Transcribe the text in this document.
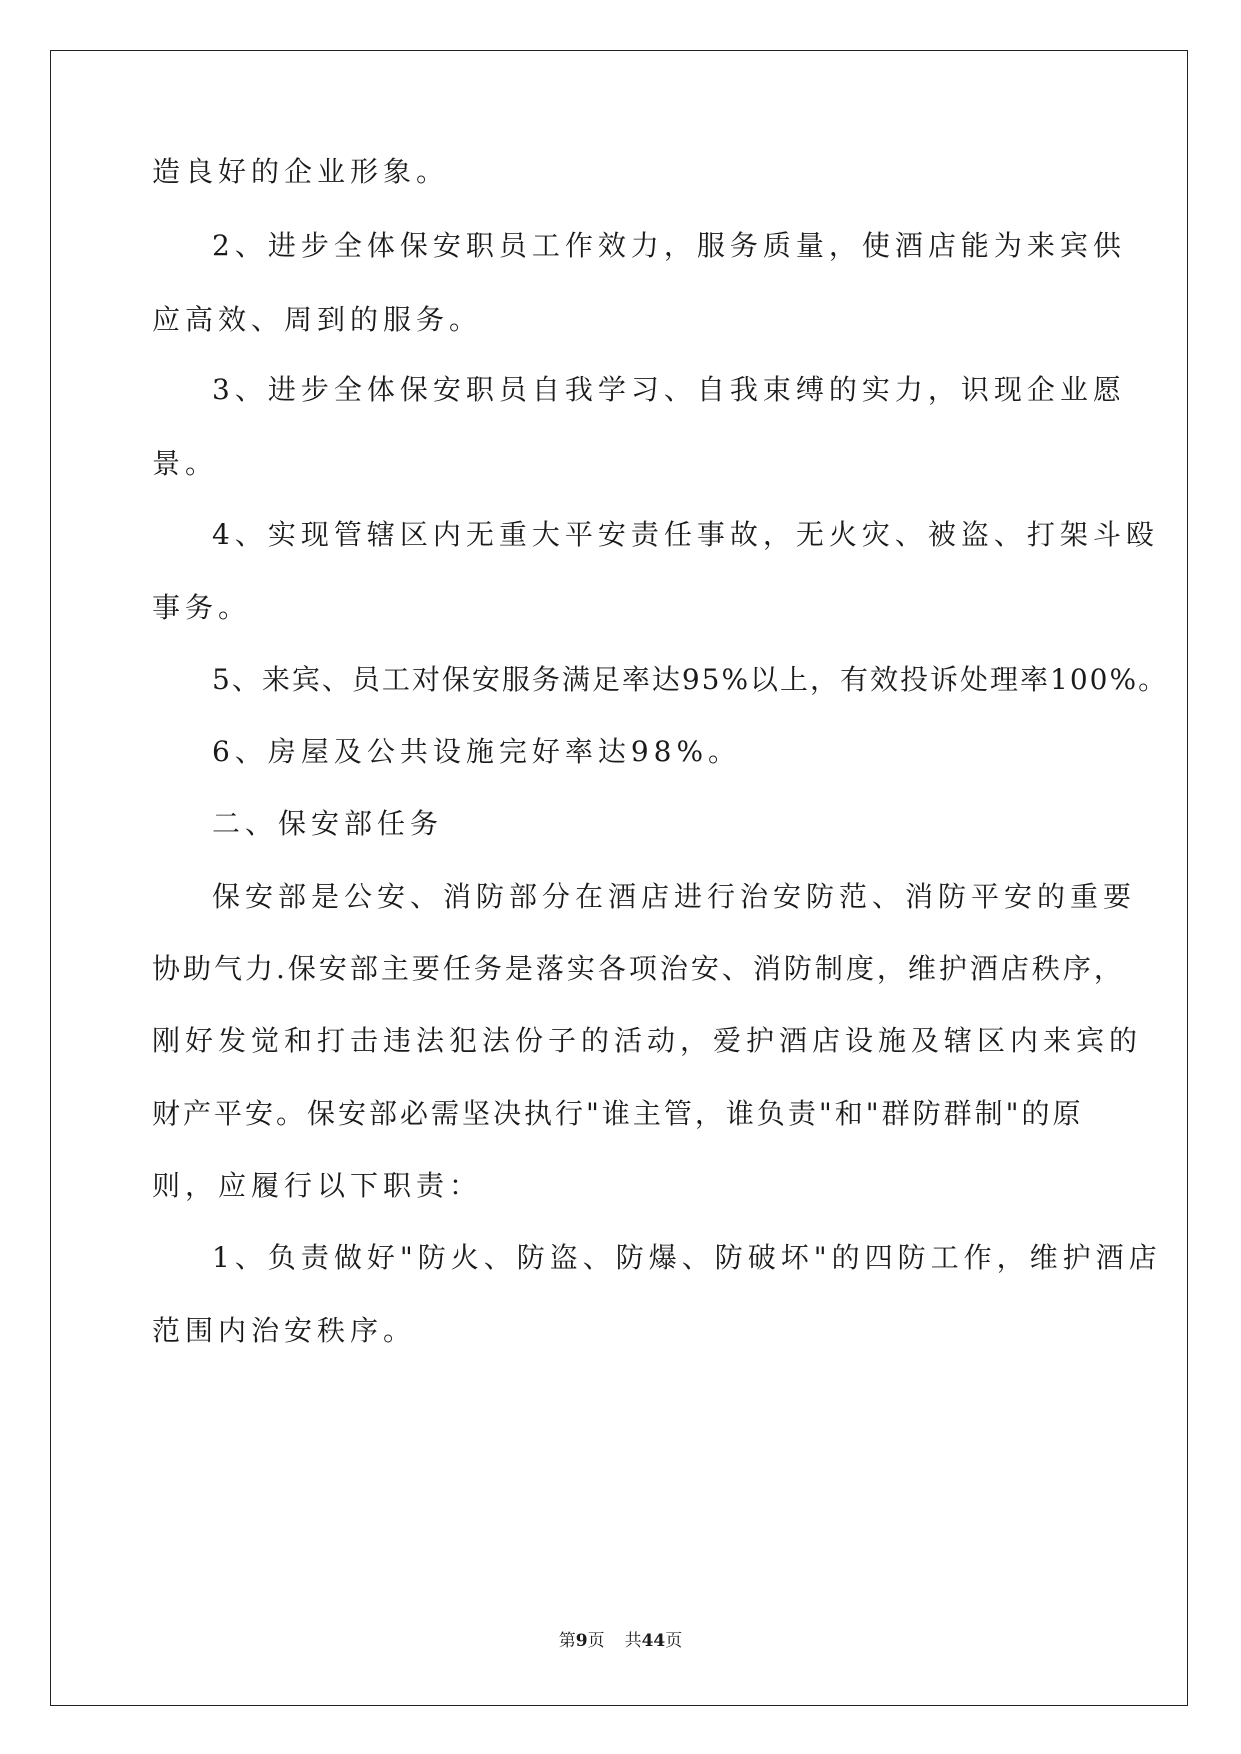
造良好的企业形象。
2、进步全体保安职员工作效力，服务质量，使酒店能为来宾供
应高效、周到的服务。
3、进步全体保安职员自我学习、自我束缚的实力，识现企业愿
景。
4、实现管辖区内无重大平安责任事故，无火灾、被盗、打架斗殴
事务。
5、来宾、员工对保安服务满足率达95%以上，有效投诉处理率100%。
6、房屋及公共设施完好率达98%。
二、保安部任务
保安部是公安、消防部分在酒店进行治安防范、消防平安的重要
协助气力.保安部主要任务是落实各项治安、消防制度，维护酒店秩序，
刚好发觉和打击违法犯法份子的活动，爱护酒店设施及辖区内来宾的
财产平安。保安部必需坚决执行"谁主管，谁负责"和"群防群制"的原
则，应履行以下职责：
1、负责做好"防火、防盗、防爆、防破坏"的四防工作，维护酒店
范围内治安秩序。
第9页 共44页
